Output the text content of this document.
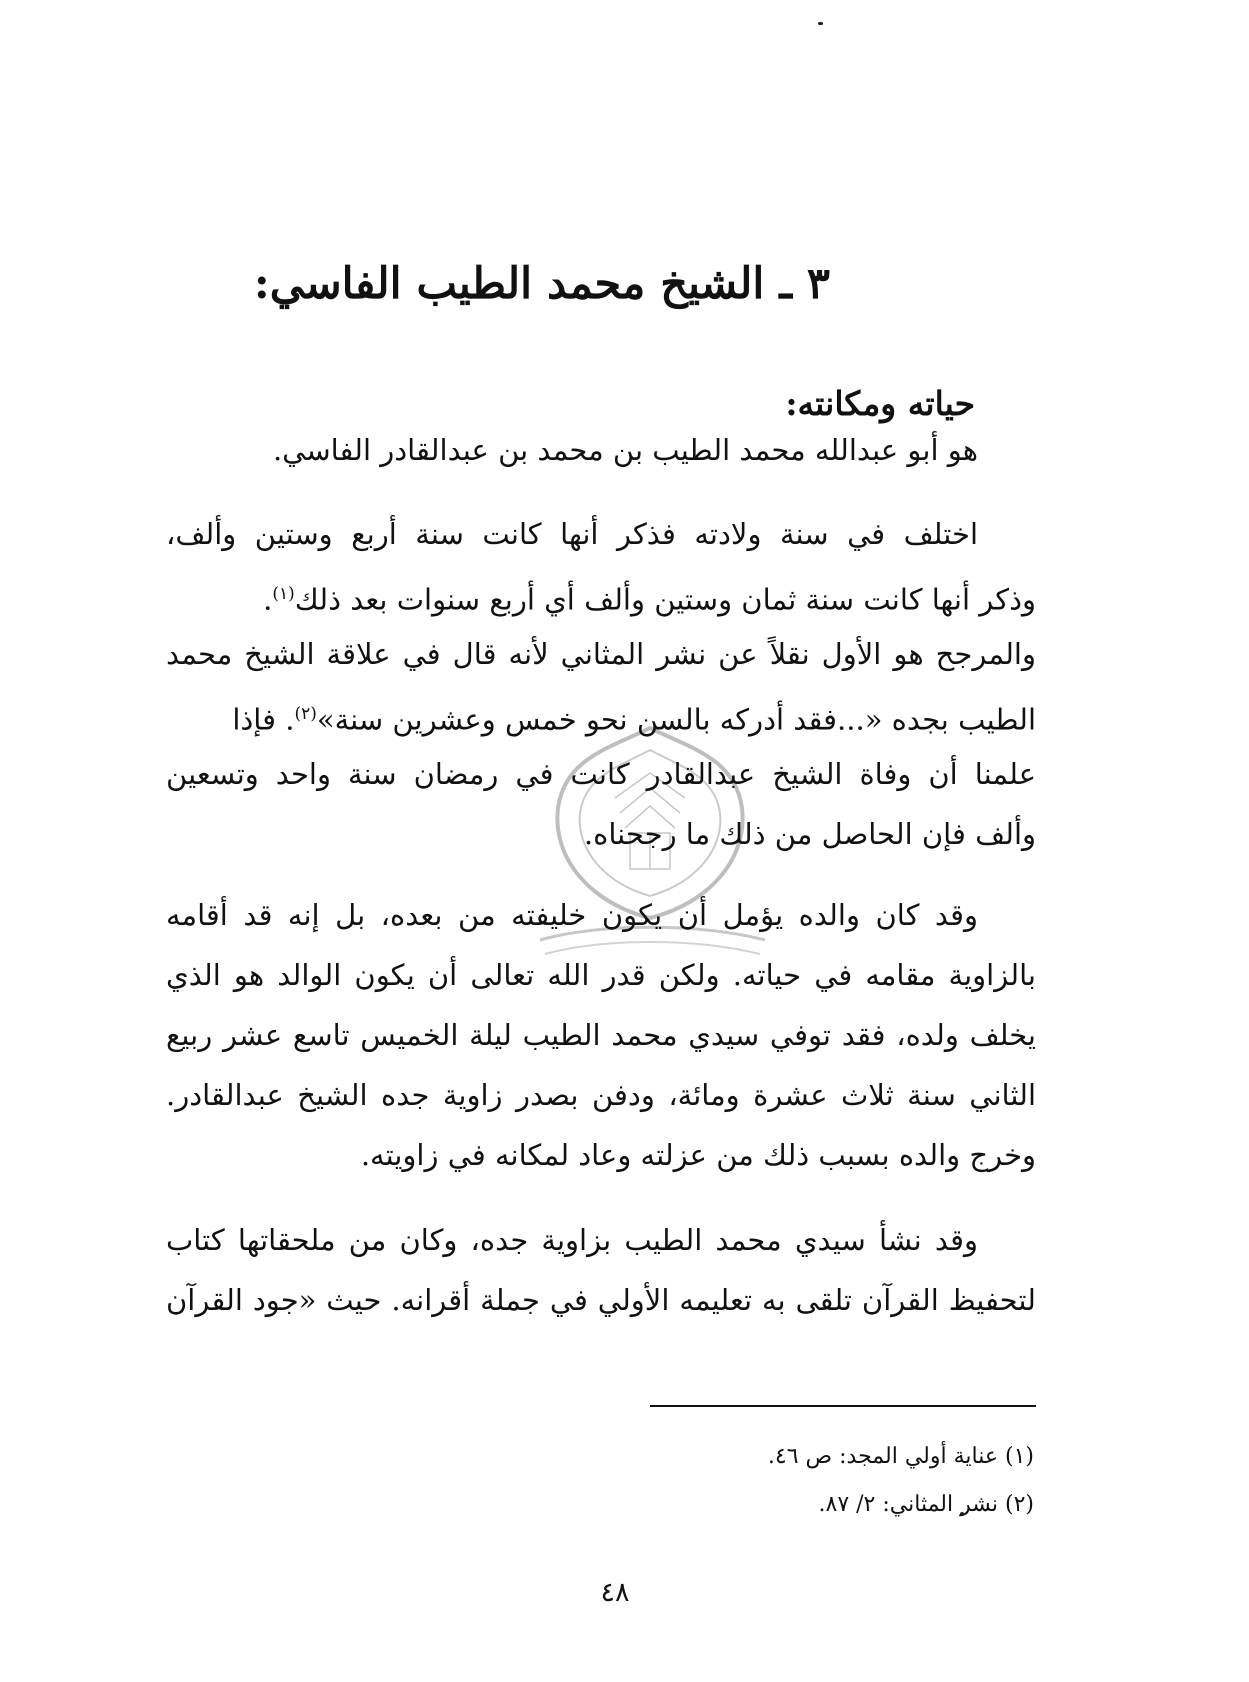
٣ ـ الشيخ محمد الطيب الفاسي:
حياته ومكانته:
هو أبو عبدالله محمد الطيب بن محمد بن عبدالقادر الفاسي.
اختلف في سنة ولادته فذكر أنها كانت سنة أربع وستين وألف،
وذكر أنها كانت سنة ثمان وستين وألف أي أربع سنوات بعد ذلك$^{(١)}$.
والمرجح هو الأول نقلاً عن نشر المثاني لأنه قال في علاقة الشيخ محمد
الطيب بجده «...فقد أدركه بالسن نحو خمس وعشرين سنة»$^{(٢)}$. فإذا
علمنا أن وفاة الشيخ عبدالقادر كانت في رمضان سنة واحد وتسعين
وألف فإن الحاصل من ذلك ما رجحناه.
وقد كان والده يؤمل أن يكون خليفته من بعده، بل إنه قد أقامه
بالزاوية مقامه في حياته. ولكن قدر الله تعالى أن يكون الوالد هو الذي
يخلف ولده، فقد توفي سيدي محمد الطيب ليلة الخميس تاسع عشر ربيع
الثاني سنة ثلاث عشرة ومائة، ودفن بصدر زاوية جده الشيخ عبدالقادر.
وخرج والده بسبب ذلك من عزلته وعاد لمكانه في زاويته.
وقد نشأ سيدي محمد الطيب بزاوية جده، وكان من ملحقاتها كتاب
لتحفيظ القرآن تلقى به تعليمه الأولي في جملة أقرانه. حيث «جود القرآن
(١) عناية أولي المجد: ص ٤٦.
(٢) نشر المثاني: ٢/ ٨٧.
٤٨
